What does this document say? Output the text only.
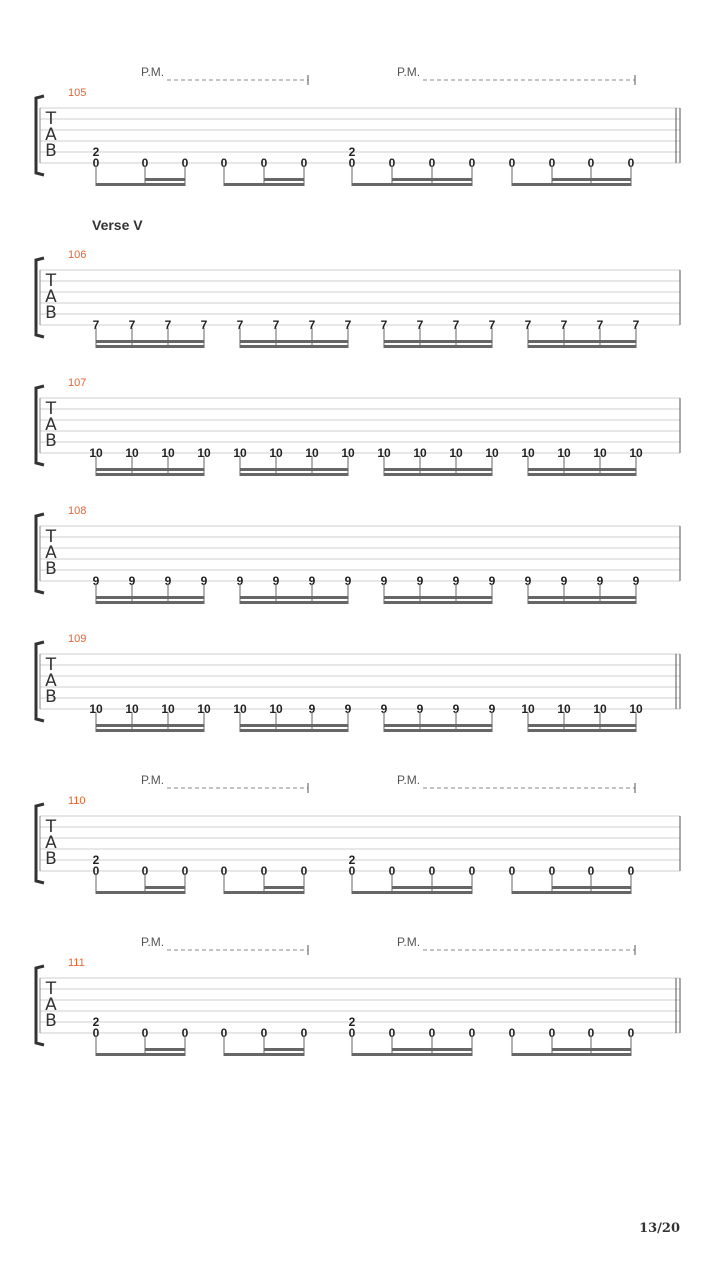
T
A
B
105
P.M.	P.M.
2
0	0	0	0	0
2
0	0	0	0	0	0	0
0	0
T
A
B
106
Verse V
7 7 7 7 7 7 7 7 7 7 7 7 7 7 7 7
T
A
B
107
10 10 10 10 10 10 10 10 10 10 10 10 10 10 10 10
T
A
B
108
9 9 9 9 9 9 9 9 9 9 9 9 9 9 9 9
T
A
B
109
10 10 10 10 10 10 9 9 9 9 9 9 10 10 10 10
T
A
B
110
P.M.	P.M.
2
0	0	0	0	0
2
0	0	0	0	0	0	0
0	0
T
A
B
111
P.M.	P.M.
2
0	0	0	0	0
2
0	0	0	0	0	0	0
0	0
13/20
